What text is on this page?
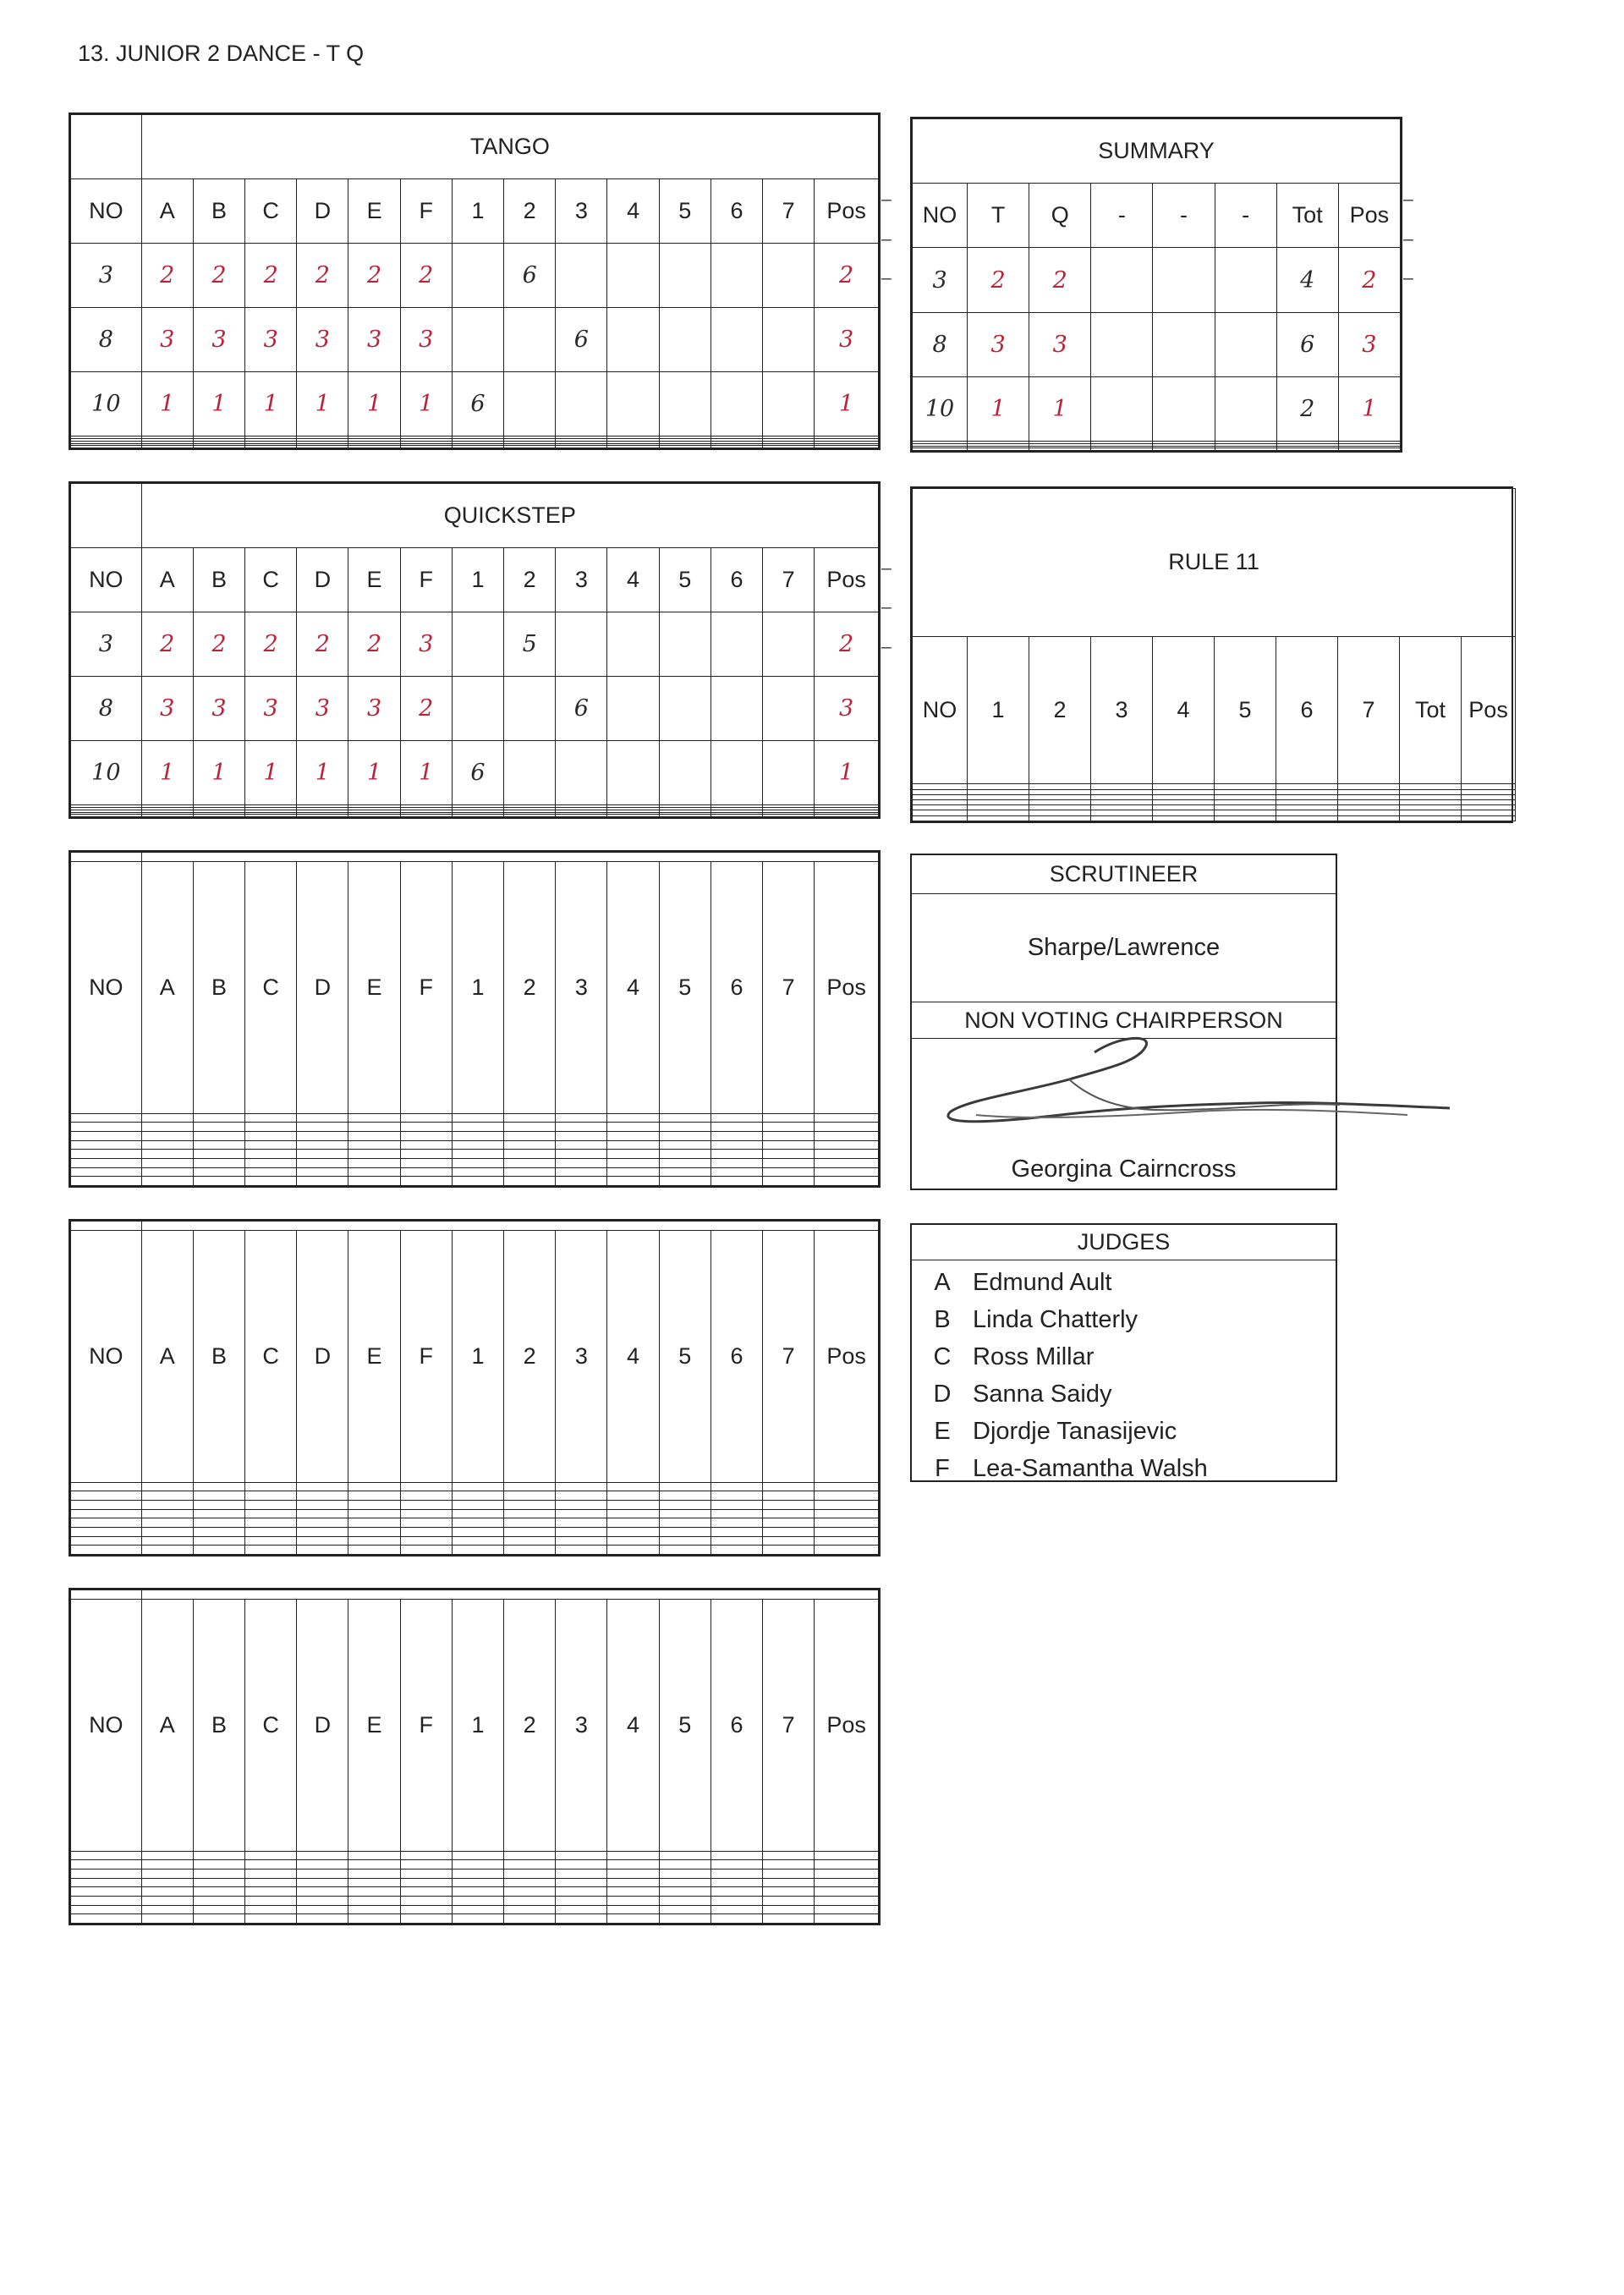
13. JUNIOR 2 DANCE - T Q
	TANGO													
NO	A	B	C	D	E	F	1	2	3	4	5	6	7	Pos
3	2	2	2	2	2	2		6						2
8	3	3	3	3	3	3			6					3
10	1	1	1	1	1	1	6							1

	QUICKSTEP													
NO	A	B	C	D	E	F	1	2	3	4	5	6	7	Pos
3	2	2	2	2	2	3		5						2
8	3	3	3	3	3	2			6					3
10	1	1	1	1	1	1	6							1

NO	A	B	C	D	E	F	1	2	3	4	5	6	7	Pos

NO	A	B	C	D	E	F	1	2	3	4	5	6	7	Pos

NO	A	B	C	D	E	F	1	2	3	4	5	6	7	Pos

SUMMARY							
NO	T	Q	-	-	-	Tot	Pos
3	2	2				4	2
8	3	3				6	3
10	1	1				2	1

RULE 11									
NO	1	2	3	4	5	6	7	Tot	Pos

⁻
⁻
⁻
⁻
⁻
⁻
⁻
⁻
⁻
SCRUTINEER
Sharpe/Lawrence
NON VOTING CHAIRPERSON
Georgina Cairncross
JUDGES
A Edmund Ault
B Linda Chatterly
C Ross Millar
D Sanna Saidy
E Djordje Tanasijevic
F Lea-Samantha Walsh
